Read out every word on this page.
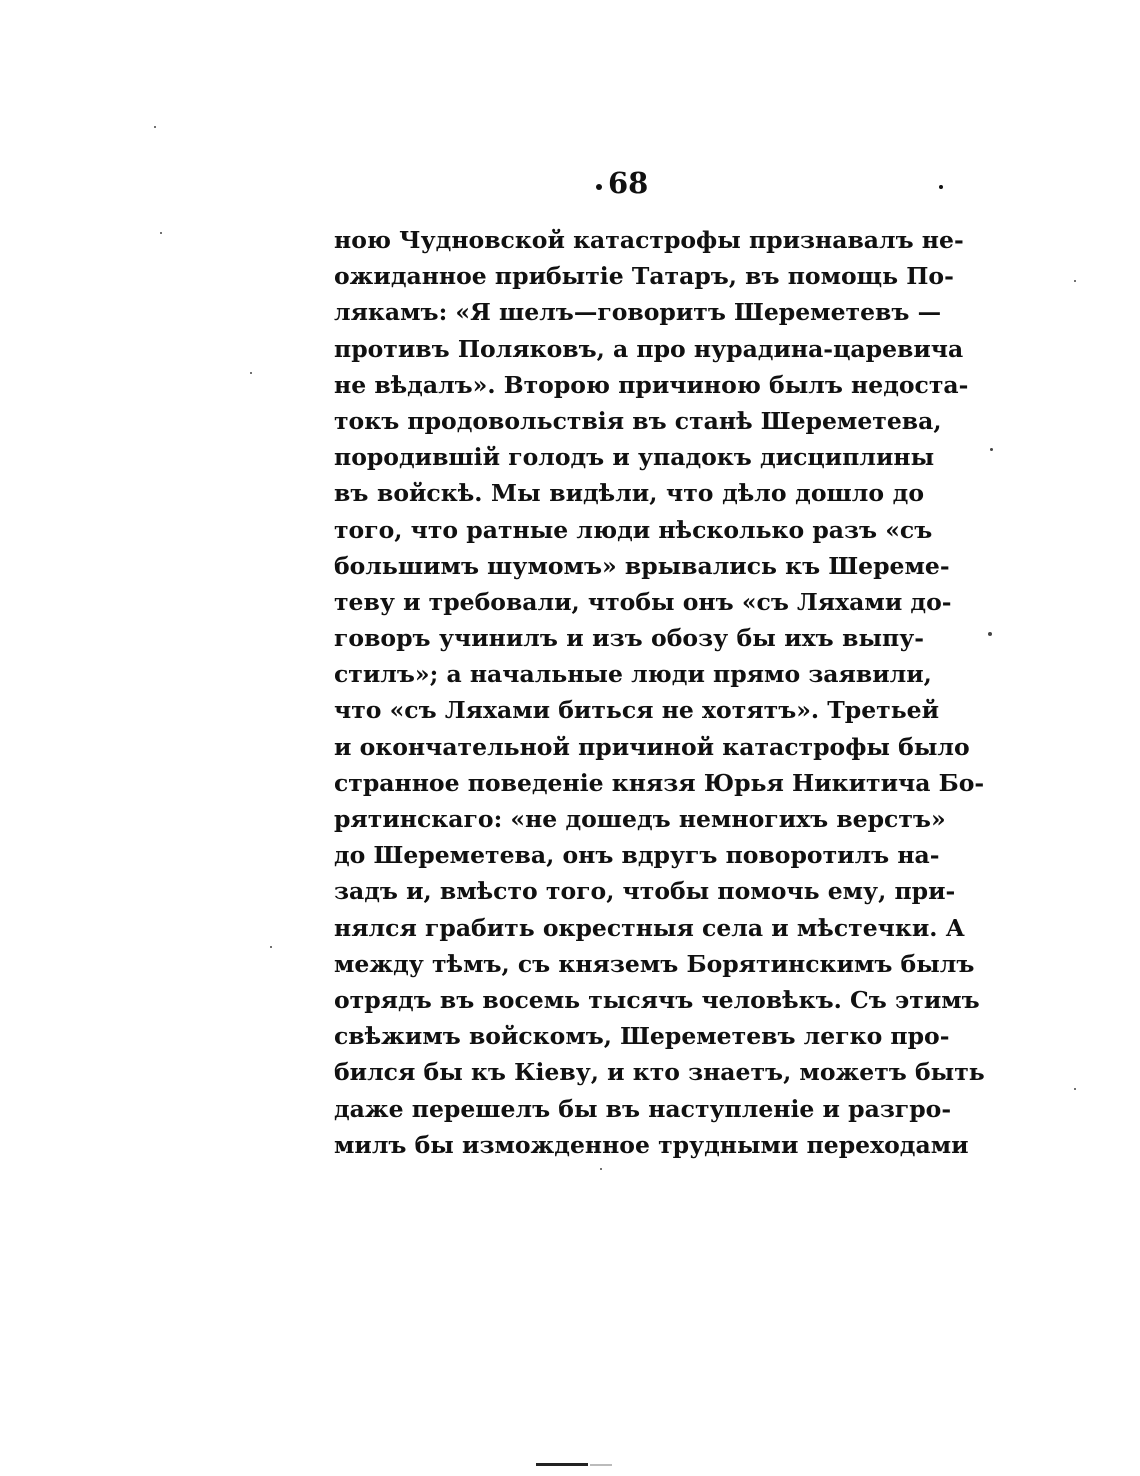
68
ною Чудновской катастрофы признавалъ не-
ожиданное прибытіе Татаръ, въ помощь По-
лякамъ: «Я шелъ—говоритъ Шереметевъ —
противъ Поляковъ, а про нурадина-царевича
не вѣдалъ». Второю причиною былъ недоста-
токъ продовольствія въ станѣ Шереметева,
породившій голодъ и упадокъ дисциплины
въ войскѣ. Мы видѣли, что дѣло дошло до
того, что ратные люди нѣсколько разъ «съ
большимъ шумомъ» врывались къ Шереме-
теву и требовали, чтобы онъ «съ Ляхами до-
говоръ учинилъ и изъ обозу бы ихъ выпу-
стилъ»; а начальные люди прямо заявили,
что «съ Ляхами биться не хотятъ». Третьей
и окончательной причиной катастрофы было
странное поведеніе князя Юрья Никитича Бо-
рятинскаго: «не дошедъ немногихъ верстъ»
до Шереметева, онъ вдругъ поворотилъ на-
задъ и, вмѣсто того, чтобы помочь ему, при-
нялся грабить окрестныя села и мѣстечки. А
между тѣмъ, съ княземъ Борятинскимъ былъ
отрядъ въ восемь тысячъ человѣкъ. Съ этимъ
свѣжимъ войскомъ, Шереметевъ легко про-
бился бы къ Кіеву, и кто знаетъ, можетъ быть
даже перешелъ бы въ наступленіе и разгро-
милъ бы изможденное трудными переходами
